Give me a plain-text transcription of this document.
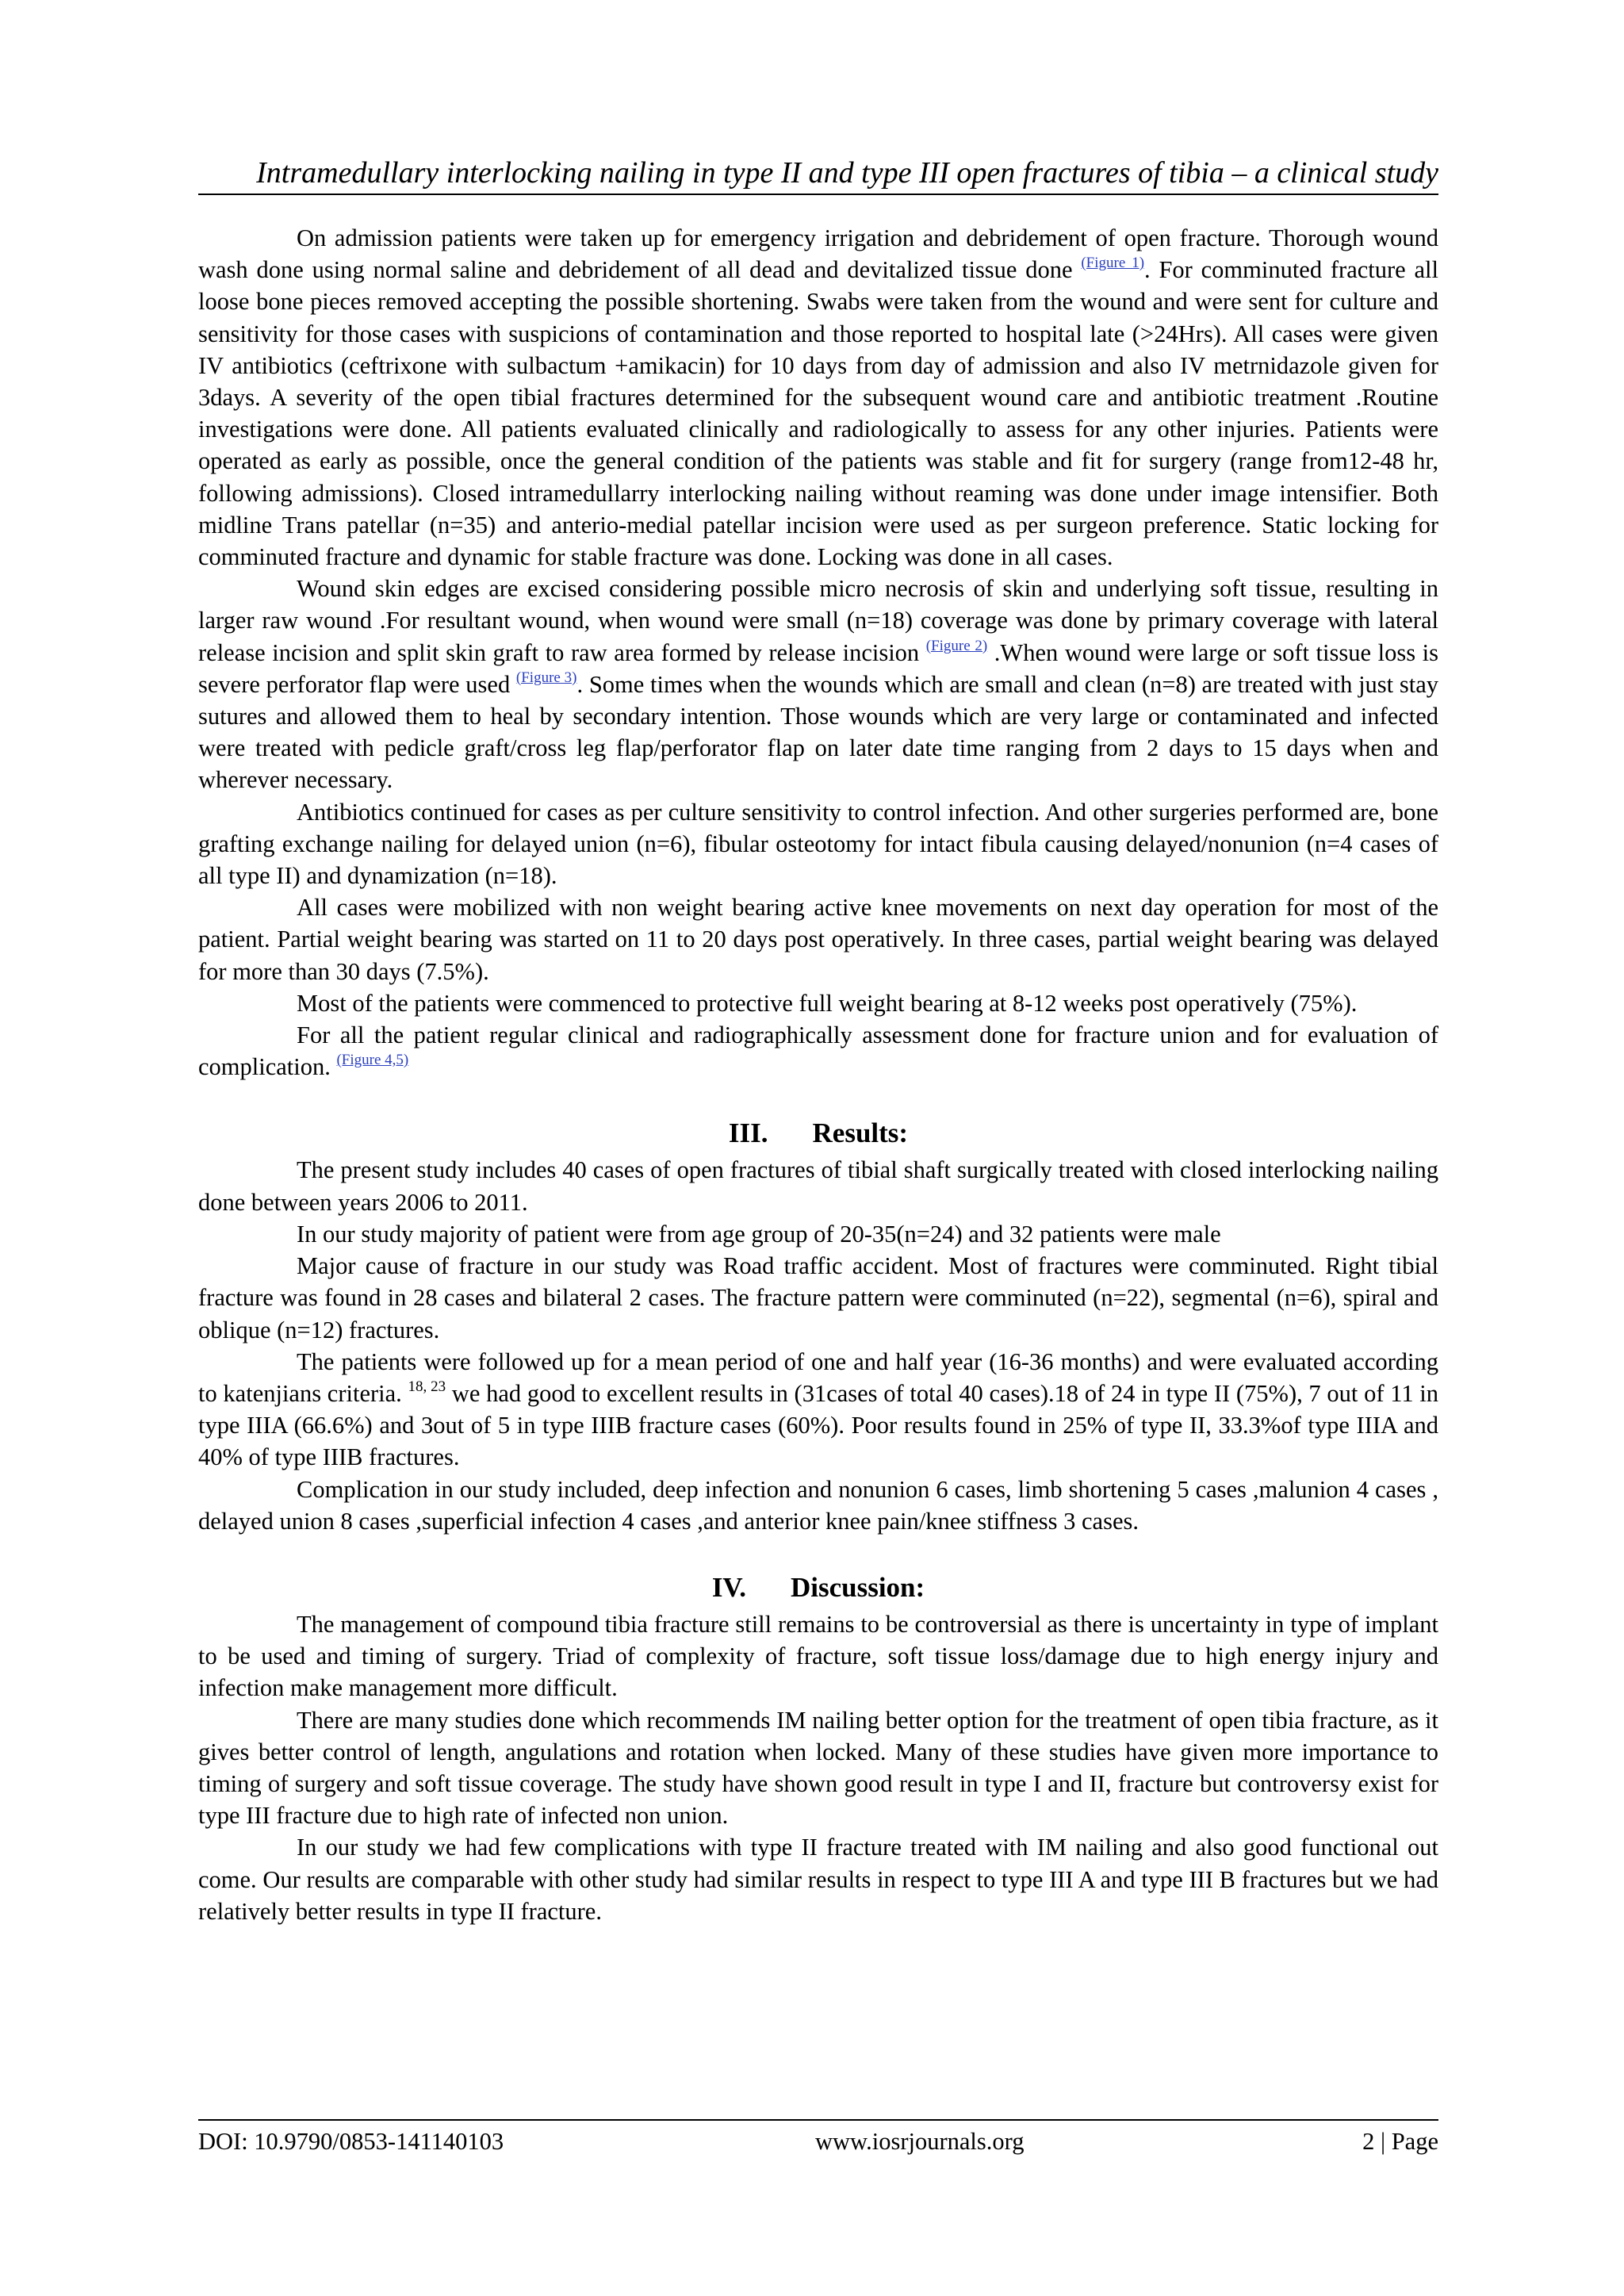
Intramedullary interlocking nailing in type II and type III open fractures of tibia – a clinical study

On admission patients were taken up for emergency irrigation and debridement of open fracture. Thorough wound wash done using normal saline and debridement of all dead and devitalized tissue done $^{(Figure 1)}$. For comminuted fracture all loose bone pieces removed accepting the possible shortening. Swabs were taken from the wound and were sent for culture and sensitivity for those cases with suspicions of contamination and those reported to hospital late (>24Hrs). All cases were given IV antibiotics (ceftrixone with sulbactum +amikacin) for 10 days from day of admission and also IV metrnidazole given for 3days. A severity of the open tibial fractures determined for the subsequent wound care and antibiotic treatment .Routine investigations were done. All patients evaluated clinically and radiologically to assess for any other injuries. Patients were operated as early as possible, once the general condition of the patients was stable and fit for surgery (range from12-48 hr, following admissions). Closed intramedullarry interlocking nailing without reaming was done under image intensifier. Both midline Trans patellar (n=35) and anterio-medial patellar incision were used as per surgeon preference. Static locking for comminuted fracture and dynamic for stable fracture was done. Locking was done in all cases.

Wound skin edges are excised considering possible micro necrosis of skin and underlying soft tissue, resulting in larger raw wound .For resultant wound, when wound were small (n=18) coverage was done by primary coverage with lateral release incision and split skin graft to raw area formed by release incision $^{(Figure 2)}$ .When wound were large or soft tissue loss is severe perforator flap were used $^{(Figure 3)}$. Some times when the wounds which are small and clean (n=8) are treated with just stay sutures and allowed them to heal by secondary intention. Those wounds which are very large or contaminated and infected were treated with pedicle graft/cross leg flap/perforator flap on later date time ranging from 2 days to 15 days when and wherever necessary.

Antibiotics continued for cases as per culture sensitivity to control infection. And other surgeries performed are, bone grafting exchange nailing for delayed union (n=6), fibular osteotomy for intact fibula causing delayed/nonunion (n=4 cases of all type II) and dynamization (n=18).

All cases were mobilized with non weight bearing active knee movements on next day operation for most of the patient. Partial weight bearing was started on 11 to 20 days post operatively. In three cases, partial weight bearing was delayed for more than 30 days (7.5%).

Most of the patients were commenced to protective full weight bearing at 8-12 weeks post operatively (75%).

For all the patient regular clinical and radiographically assessment done for fracture union and for evaluation of complication. $^{(Figure 4,5)}$

III. Results:

The present study includes 40 cases of open fractures of tibial shaft surgically treated with closed interlocking nailing done between years 2006 to 2011.

In our study majority of patient were from age group of 20-35(n=24) and 32 patients were male

Major cause of fracture in our study was Road traffic accident. Most of fractures were comminuted. Right tibial fracture was found in 28 cases and bilateral 2 cases. The fracture pattern were comminuted (n=22), segmental (n=6), spiral and oblique (n=12) fractures.

The patients were followed up for a mean period of one and half year (16-36 months) and were evaluated according to katenjians criteria. $^{18, 23}$ we had good to excellent results in (31cases of total 40 cases).18 of 24 in type II (75%), 7 out of 11 in type IIIA (66.6%) and 3out of 5 in type IIIB fracture cases (60%). Poor results found in 25% of type II, 33.3%of type IIIA and 40% of type IIIB fractures.

Complication in our study included, deep infection and nonunion 6 cases, limb shortening 5 cases ,malunion 4 cases , delayed union 8 cases ,superficial infection 4 cases ,and anterior knee pain/knee stiffness 3 cases.

IV. Discussion:

The management of compound tibia fracture still remains to be controversial as there is uncertainty in type of implant to be used and timing of surgery. Triad of complexity of fracture, soft tissue loss/damage due to high energy injury and infection make management more difficult.

There are many studies done which recommends IM nailing better option for the treatment of open tibia fracture, as it gives better control of length, angulations and rotation when locked. Many of these studies have given more importance to timing of surgery and soft tissue coverage. The study have shown good result in type I and II, fracture but controversy exist for type III fracture due to high rate of infected non union.

In our study we had few complications with type II fracture treated with IM nailing and also good functional out come. Our results are comparable with other study had similar results in respect to type III A and type III B fractures but we had relatively better results in type II fracture.

DOI: 10.9790/0853-141140103	www.iosrjournals.org	2 | Page
